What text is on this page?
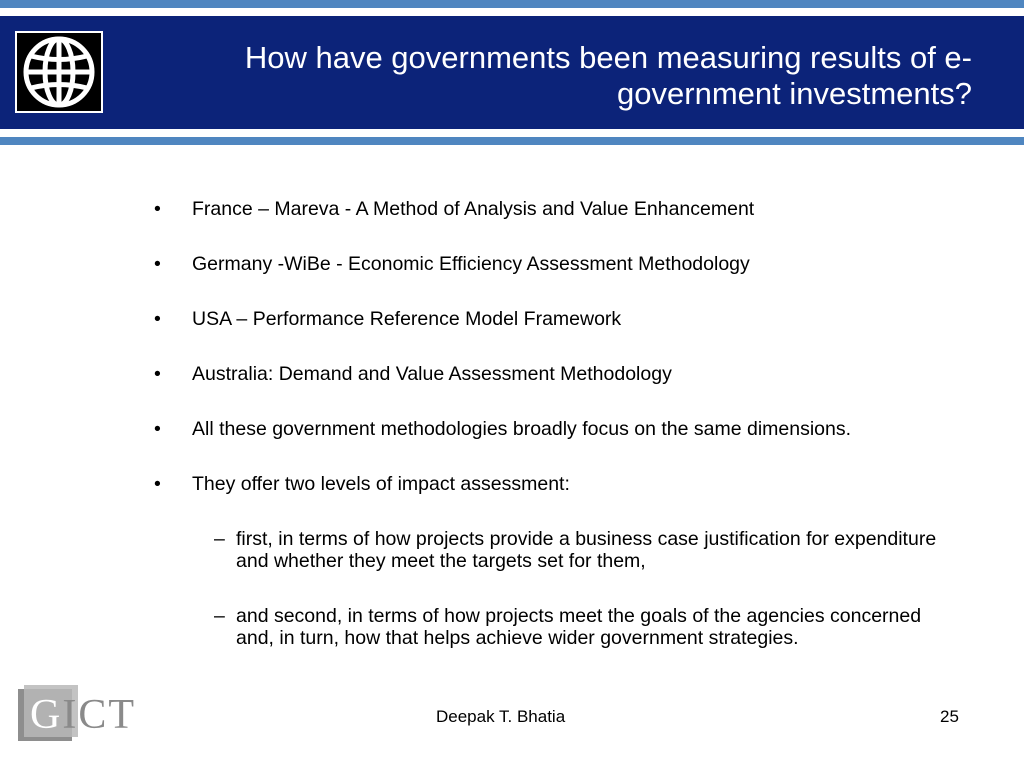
How have governments been measuring results of e-government investments?
• France – Mareva - A Method of Analysis and Value Enhancement
• Germany -WiBe - Economic Efficiency Assessment Methodology
• USA – Performance Reference Model Framework
• Australia: Demand and Value Assessment Methodology
• All these government methodologies broadly focus on the same dimensions.
• They offer two levels of impact assessment:
– first, in terms of how projects provide a business case justification for expenditure and whether they meet the targets set for them,
– and second, in terms of how projects meet the goals of the agencies concerned and, in turn, how that helps achieve wider government strategies.
GICT	Deepak T. Bhatia	25
